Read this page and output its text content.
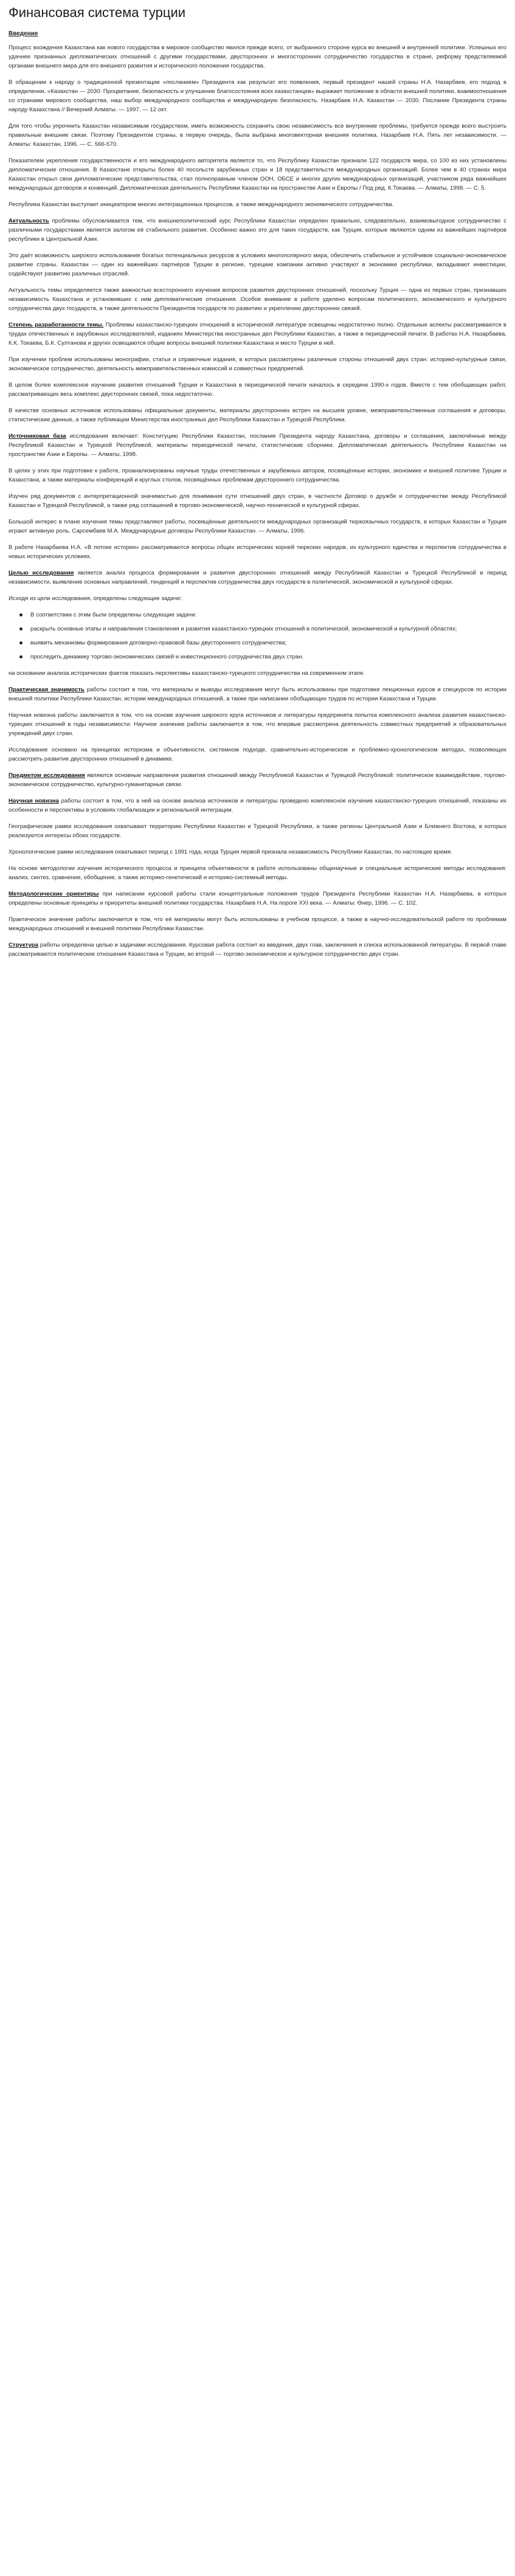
Финансовая система турции
Введение

Процесс вхождения Казахстана как нового государства в мировое сообщество явился прежде всего, от выбранного стороне курса во внешней и внутренней политике. Успешных его удачнее признанных дипломатических отношений с другими государствами, двусторонних и многосторонних сотрудничество государства в стране, реформу предствляемой органами внешнего мира для его внешнего развития и исторического положения государства.

В обращении к народу о традиционной презентации «посланием» Президента как результат его появления, первый президент нашей страны Н.А. Назарбаев, его подход в определении, «Казахстан — 2030: Процветание, безопасность и улучшение благосостояния всех казахстанцев» выражает положение в области внешней политики, взаимоотношения со странами мирового сообщества, наш выбор международного сообщества и международную безопасность. Назарбаев Н.А. Казахстан — 2030. Послание Президента страны народу Казахстана // Вечерний Алматы. — 1997. — 12 окт.

Для того чтобы упрочнить Казахстан независимым государством, иметь возможность сохранить свою независимость все внутренние проблемы, требуется прежде всего выстроить правильные внешние связи. Поэтому Президентом страны, в первую очередь, была выбрана многовекторная внешняя политика. Назарбаев Н.А. Пять лет независимости. — Алматы: Казахстан, 1996. — С. 566-570.

Показателем укрепления государственности и его международного авторитета является то, что Республику Казахстан признали 122 государств мира, со 100 из них установлены дипломатические отношения. В Казахстане открыты более 40 посольств зарубежных стран и 18 представительств международных организаций. Более чем в 40 странах мира Казахстан открыл свои дипломатические представительства, стал полноправным членом ООН, ОБСЕ и многих других международных организаций, участником ряда важнейших международных договоров и конвенций. Дипломатическая деятельность Республики Казахстан на пространстве Азии и Европы / Под ред. К.Токаева. — Алматы, 1998. — С. 5.

Республика Казахстан выступает инициатором многих интеграционных процессов, а также международного экономического сотрудничества.

Актуальность проблемы обусловливается тем, что внешнеполитический курс Республики Казахстан определен правильно, следовательно, взаимовыгодное сотрудничество с различными государствами является залогом её стабильного развития. Особенно важно это для таких государств, как Турция, которые являются одним из важнейших партнёров республики в Центральной Азии.

Это даёт возможность широкого использования богатых потенциальных ресурсов в условиях многополярного мира, обеспечить стабильное и устойчивое социально-экономическое развитие страны. Казахстан — один из важнейших партнёров Турции в регионе, турецкие компании активно участвуют в экономике республики, вкладывают инвестиции, содействуют развитию различных отраслей.

Актуальность темы определяется также важностью всестороннего изучения вопросов развития двусторонних отношений, поскольку Турция — одна из первых стран, признавших независимость Казахстана и установивших с ним дипломатические отношения. Особое внимание в работе уделено вопросам политического, экономического и культурного сотрудничества двух государств, а также деятельности Президентов государств по развитию и укреплению двусторонних связей.

Степень разработанности темы. Проблемы казахстанско-турецких отношений в исторической литературе освещены недостаточно полно. Отдельные аспекты рассматриваются в трудах отечественных и зарубежных исследователей, изданиях Министерства иностранных дел Республики Казахстан, а также в периодической печати. В работах Н.А. Назарбаева, К.К. Токаева, Б.К. Султанова и других освещаются общие вопросы внешней политики Казахстана и место Турции в ней.

При изучении проблем использованы монографии, статьи и справочные издания, в которых рассмотрены различные стороны отношений двух стран: историко-культурные связи, экономическое сотрудничество, деятельность межправительственных комиссий и совместных предприятий.

В целом более комплексное изучение развития отношений Турции и Казахстана в периодической печати началось в середине 1990-х годов. Вместе с тем обобщающих работ, рассматривающих весь комплекс двусторонних связей, пока недостаточно.

В качестве основных источников использованы официальные документы, материалы двусторонних встреч на высшем уровне, межправительственные соглашения и договоры, статистические данные, а также публикации Министерства иностранных дел Республики Казахстан и Турецкой Республики.

Источниковая база исследования включает: Конституцию Республики Казахстан, послания Президента народу Казахстана, договоры и соглашения, заключённые между Республикой Казахстан и Турецкой Республикой, материалы периодической печати, статистические сборники. Дипломатическая деятельность Республики Казахстан на пространстве Азии и Европы. — Алматы, 1998.

В целях у этих при подготовке к работе, проанализированы научные труды отечественных и зарубежных авторов, посвящённые истории, экономике и внешней политике Турции и Казахстана, а также материалы конференций и круглых столов, посвящённых проблемам двустороннего сотрудничества.

Изучен ряд документов с интерпретационной значимостью для понимания сути отношений двух стран, в частности Договор о дружбе и сотрудничестве между Республикой Казахстан и Турецкой Республикой, а также ряд соглашений в торгово-экономической, научно-технической и культурной сферах.

Большой интерес в плане изучения темы представляют работы, посвящённые деятельности международных организаций тюркоязычных государств, в которых Казахстан и Турция играют активную роль. Сарсембаев М.А. Международные договоры Республики Казахстан. — Алматы, 1996.

В работе Назарбаева Н.А. «В потоке истории» рассматриваются вопросы общих исторических корней тюркских народов, их культурного единства и перспектив сотрудничества в новых исторических условиях.

Целью исследования является анализ процесса формирования и развития двусторонних отношений между Республикой Казахстан и Турецкой Республикой в период независимости, выявление основных направлений, тенденций и перспектив сотрудничества двух государств в политической, экономической и культурной сферах.

Исходя из цели исследования, определены следующие задачи:

В соответствии с этим были определены следующие задачи:
раскрыть основные этапы и направления становления и развития казахстанско-турецких отношений в политической, экономической и культурной областях;
выявить механизмы формирования договорно-правовой базы двустороннего сотрудничества;
проследить динамику торгово-экономических связей и инвестиционного сотрудничества двух стран.

на основании анализа исторических фактов показать перспективы казахстанско-турецкого сотрудничества на современном этапе.

Практическая значимость работы состоит в том, что материалы и выводы исследования могут быть использованы при подготовке лекционных курсов и спецкурсов по истории внешней политики Республики Казахстан, истории международных отношений, а также при написании обобщающих трудов по истории Казахстана и Турции.

Научная новизна работы заключается в том, что на основе изучения широкого круга источников и литературы предпринята попытка комплексного анализа развития казахстанско-турецких отношений в годы независимости. Научное значение работы заключается в том, что впервые рассмотрена деятельность совместных предприятий и образовательных учреждений двух стран.

Исследование основано на принципах историзма и объективности, системном подходе, сравнительно-историческом и проблемно-хронологическом методах, позволяющих рассмотреть развитие двусторонних отношений в динамике.

Предметом исследования являются основные направления развития отношений между Республикой Казахстан и Турецкой Республикой: политическое взаимодействие, торгово-экономическое сотрудничество, культурно-гуманитарные связи.

Научная новизна работы состоит в том, что в ней на основе анализа источников и литературы проведено комплексное изучение казахстанско-турецких отношений, показаны их особенности и перспективы в условиях глобализации и региональной интеграции.

Географические рамки исследования охватывают территорию Республики Казахстан и Турецкой Республики, а также регионы Центральной Азии и Ближнего Востока, в которых реализуются интересы обоих государств.

Хронологические рамки исследования охватывают период с 1991 года, когда Турция первой признала независимость Республики Казахстан, по настоящее время.

На основе методологии изучения исторического процесса и принципа объективности в работе использованы общенаучные и специальные исторические методы исследования: анализ, синтез, сравнение, обобщение, а также историко-генетический и историко-системный методы.

Методологические ориентиры при написании курсовой работы стали концептуальные положения трудов Президента Республики Казахстан Н.А. Назарбаева, в которых определены основные принципы и приоритеты внешней политики государства. Назарбаев Н.А. На пороге XXI века. — Алматы: Өнер, 1996. — С. 102.

Практическое значение работы заключается в том, что её материалы могут быть использованы в учебном процессе, а также в научно-исследовательской работе по проблемам международных отношений и внешней политики Республики Казахстан.

Структура работы определена целью и задачами исследования. Курсовая работа состоит из введения, двух глав, заключения и списка использованной литературы. В первой главе рассматриваются политические отношения Казахстана и Турции, во второй — торгово-экономическое и культурное сотрудничество двух стран.
